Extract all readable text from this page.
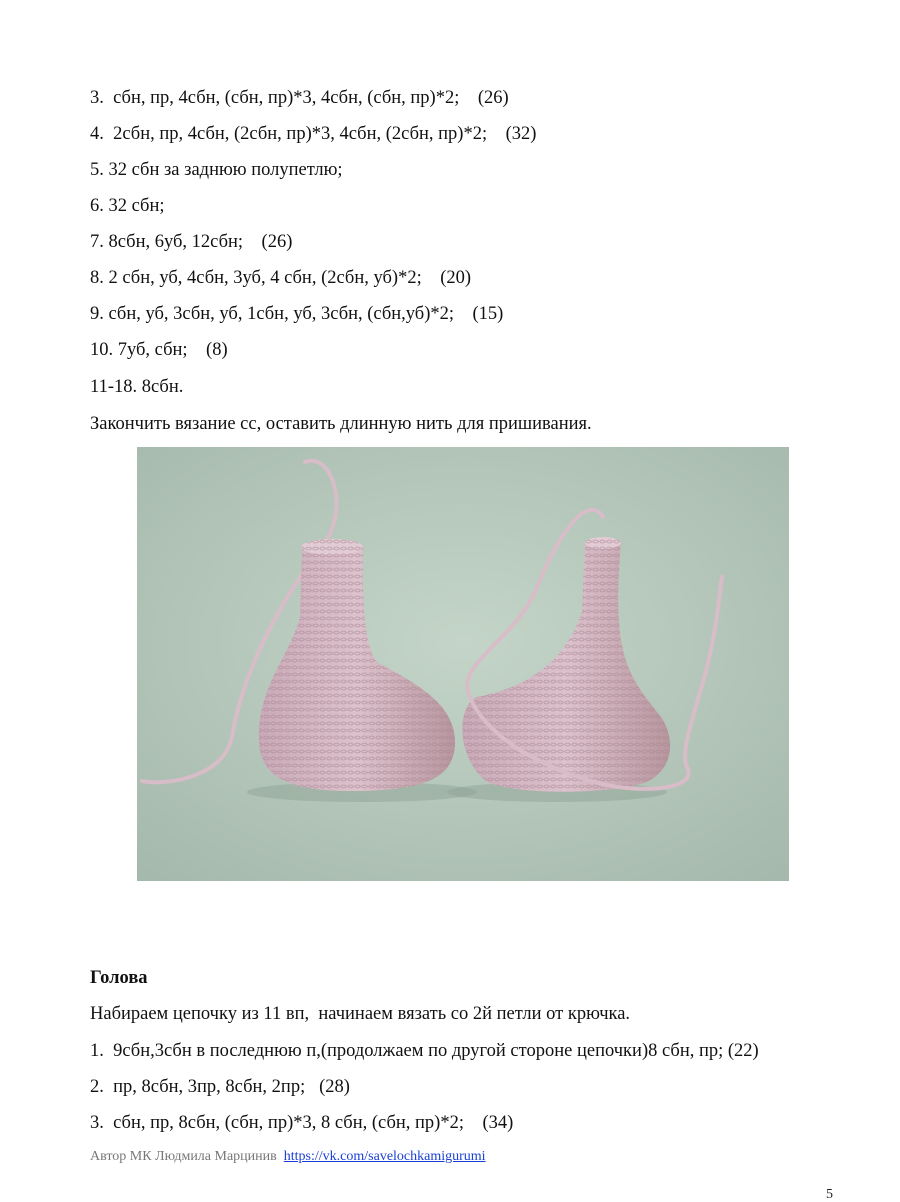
3.  сбн, пр, 4сбн, (сбн, пр)*3, 4сбн, (сбн, пр)*2;    (26)
4.  2сбн, пр, 4сбн, (2сбн, пр)*3, 4сбн, (2сбн, пр)*2;    (32)
5. 32 сбн за заднюю полупетлю;
6. 32 сбн;
7. 8сбн, 6уб, 12сбн;    (26)
8. 2 сбн, уб, 4сбн, 3уб, 4 сбн, (2сбн, уб)*2;    (20)
9. сбн, уб, 3сбн, уб, 1сбн, уб, 3сбн, (сбн,уб)*2;    (15)
10. 7уб, сбн;    (8)
11-18. 8сбн.
Закончить вязание сс, оставить длинную нить для пришивания.
Голова
Набираем цепочку из 11 вп,  начинаем вязать со 2й петли от крючка.
1.  9сбн,3сбн в последнюю п,(продолжаем по другой стороне цепочки)8 сбн, пр; (22)
2.  пр, 8сбн, 3пр, 8сбн, 2пр;   (28)
3.  сбн, пр, 8сбн, (сбн, пр)*3, 8 сбн, (сбн, пр)*2;    (34)
Автор МК Людмила Марцинив  https://vk.com/savelochkamigurumi
5
